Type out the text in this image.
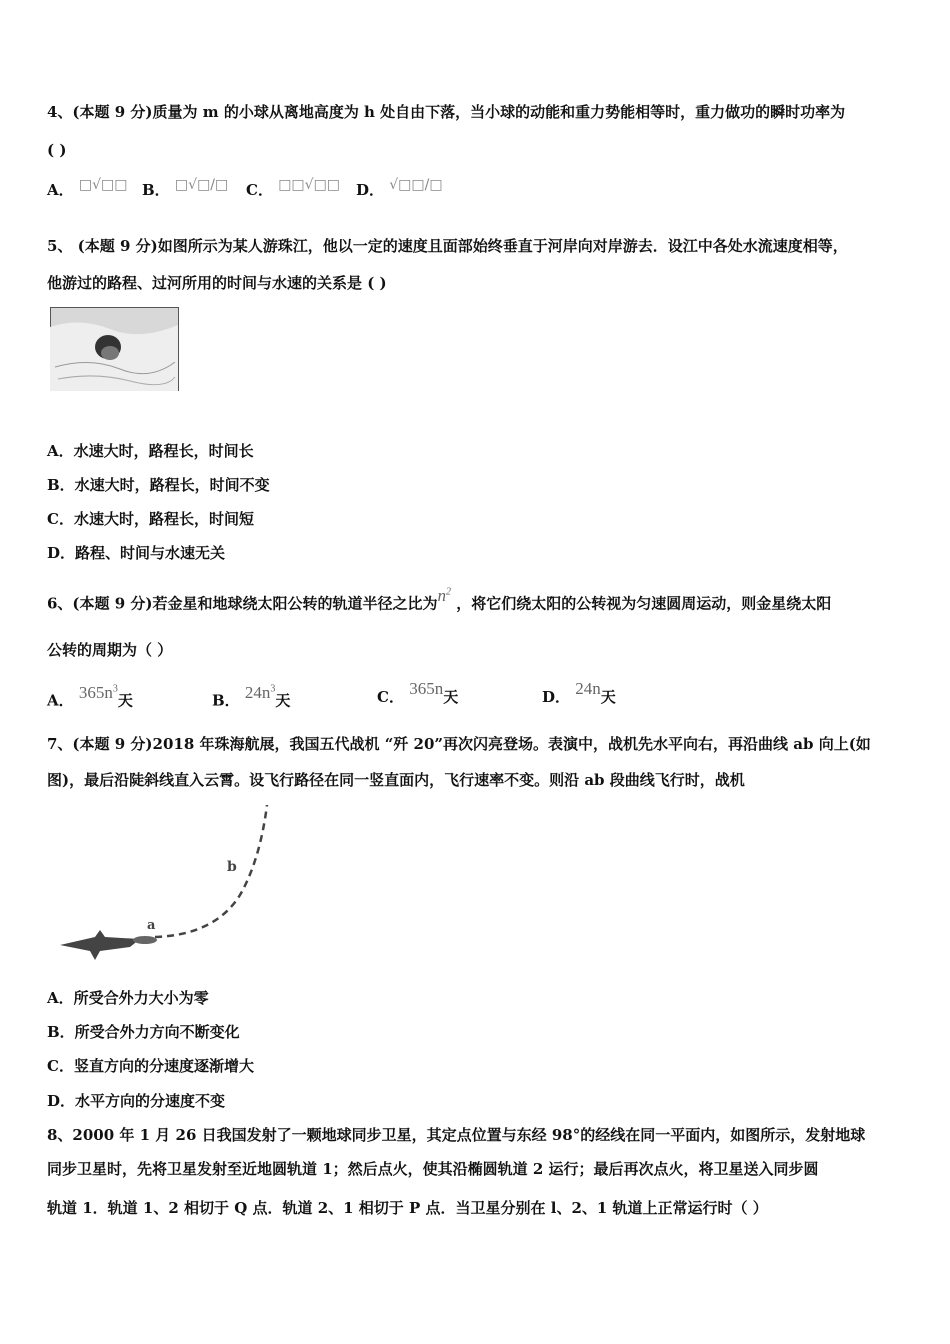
4、(本题 9 分)质量为 m 的小球从离地高度为 h 处自由下落，当小球的动能和重力势能相等时，重力做功的瞬时功率为
( )
A． □√□□ B． □√□/□ C． □□√□□ D． √□□/□
5、 (本题 9 分)如图所示为某人游珠江，他以一定的速度且面部始终垂直于河岸向对岸游去．设江中各处水流速度相等，
他游过的路程、过河所用的时间与水速的关系是 ( )
A．水速大时，路程长，时间长
B．水速大时，路程长，时间不变
C．水速大时，路程长，时间短
D．路程、时间与水速无关
6、(本题 9 分)若金星和地球绕太阳公转的轨道半径之比为$n^2$ ，将它们绕太阳的公转视为匀速圆周运动，则金星绕太阳
公转的周期为（ ）
A． $365n^3$天	B． $24n^3$天	C． 365n天	D． 24n天
7、(本题 9 分)2018 年珠海航展，我国五代战机 “歼 20”再次闪亮登场。表演中，战机先水平向右，再沿曲线 ab 向上(如
图)，最后沿陡斜线直入云霄。设飞行路径在同一竖直面内，飞行速率不变。则沿 ab 段曲线飞行时，战机
a
b
A．所受合外力大小为零
B．所受合外力方向不断变化
C．竖直方向的分速度逐渐增大
D．水平方向的分速度不变
8、2000 年 1 月 26 日我国发射了一颗地球同步卫星，其定点位置与东经 98°的经线在同一平面内，如图所示，发射地球
同步卫星时，先将卫星发射至近地圆轨道 1；然后点火，使其沿椭圆轨道 2 运行；最后再次点火，将卫星送入同步圆
轨道 1．轨道 1、2 相切于 Q 点．轨道 2、1 相切于 P 点．当卫星分别在 l、2、1 轨道上正常运行时（ ）
